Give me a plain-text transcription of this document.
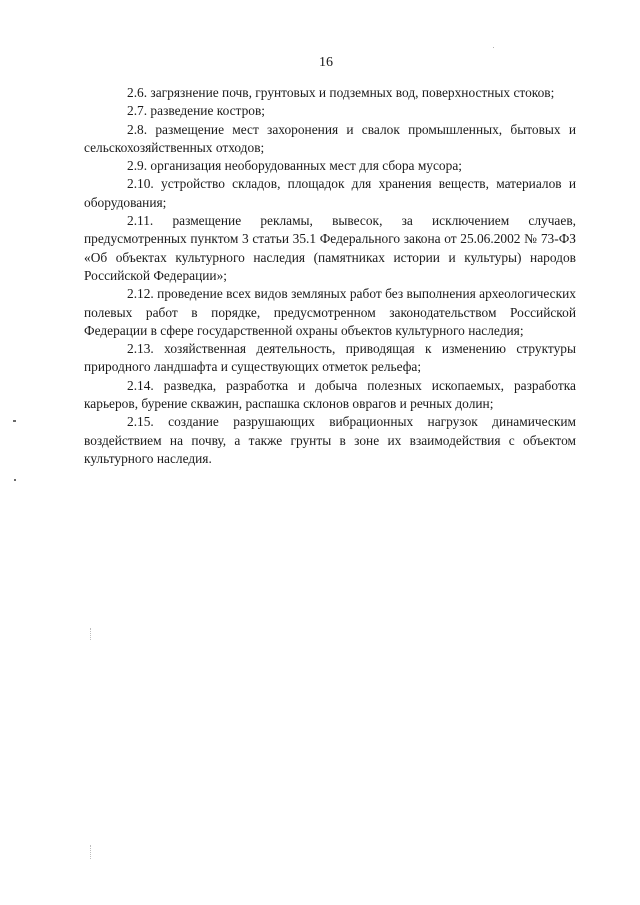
16

2.6. загрязнение почв, грунтовых и подземных вод, поверхностных стоков;

2.7. разведение костров;

2.8. размещение мест захоронения и свалок промышленных, бытовых и сельскохозяйственных отходов;

2.9. организация необорудованных мест для сбора мусора;

2.10. устройство складов, площадок для хранения веществ, материалов и оборудования;

2.11. размещение рекламы, вывесок, за исключением случаев, предусмотренных пунктом 3 статьи 35.1 Федерального закона от 25.06.2002 № 73-ФЗ «Об объектах культурного наследия (памятниках истории и культуры) народов Российской Федерации»;

2.12. проведение всех видов земляных работ без выполнения археологических полевых работ в порядке, предусмотренном законодательством Российской Федерации в сфере государственной охраны объектов культурного наследия;

2.13. хозяйственная деятельность, приводящая к изменению структуры природного ландшафта и существующих отметок рельефа;

2.14. разведка, разработка и добыча полезных ископаемых, разработка карьеров, бурение скважин, распашка склонов оврагов и речных долин;

2.15. создание разрушающих вибрационных нагрузок динамическим воздействием на почву, а также грунты в зоне их взаимодействия с объектом культурного наследия.
